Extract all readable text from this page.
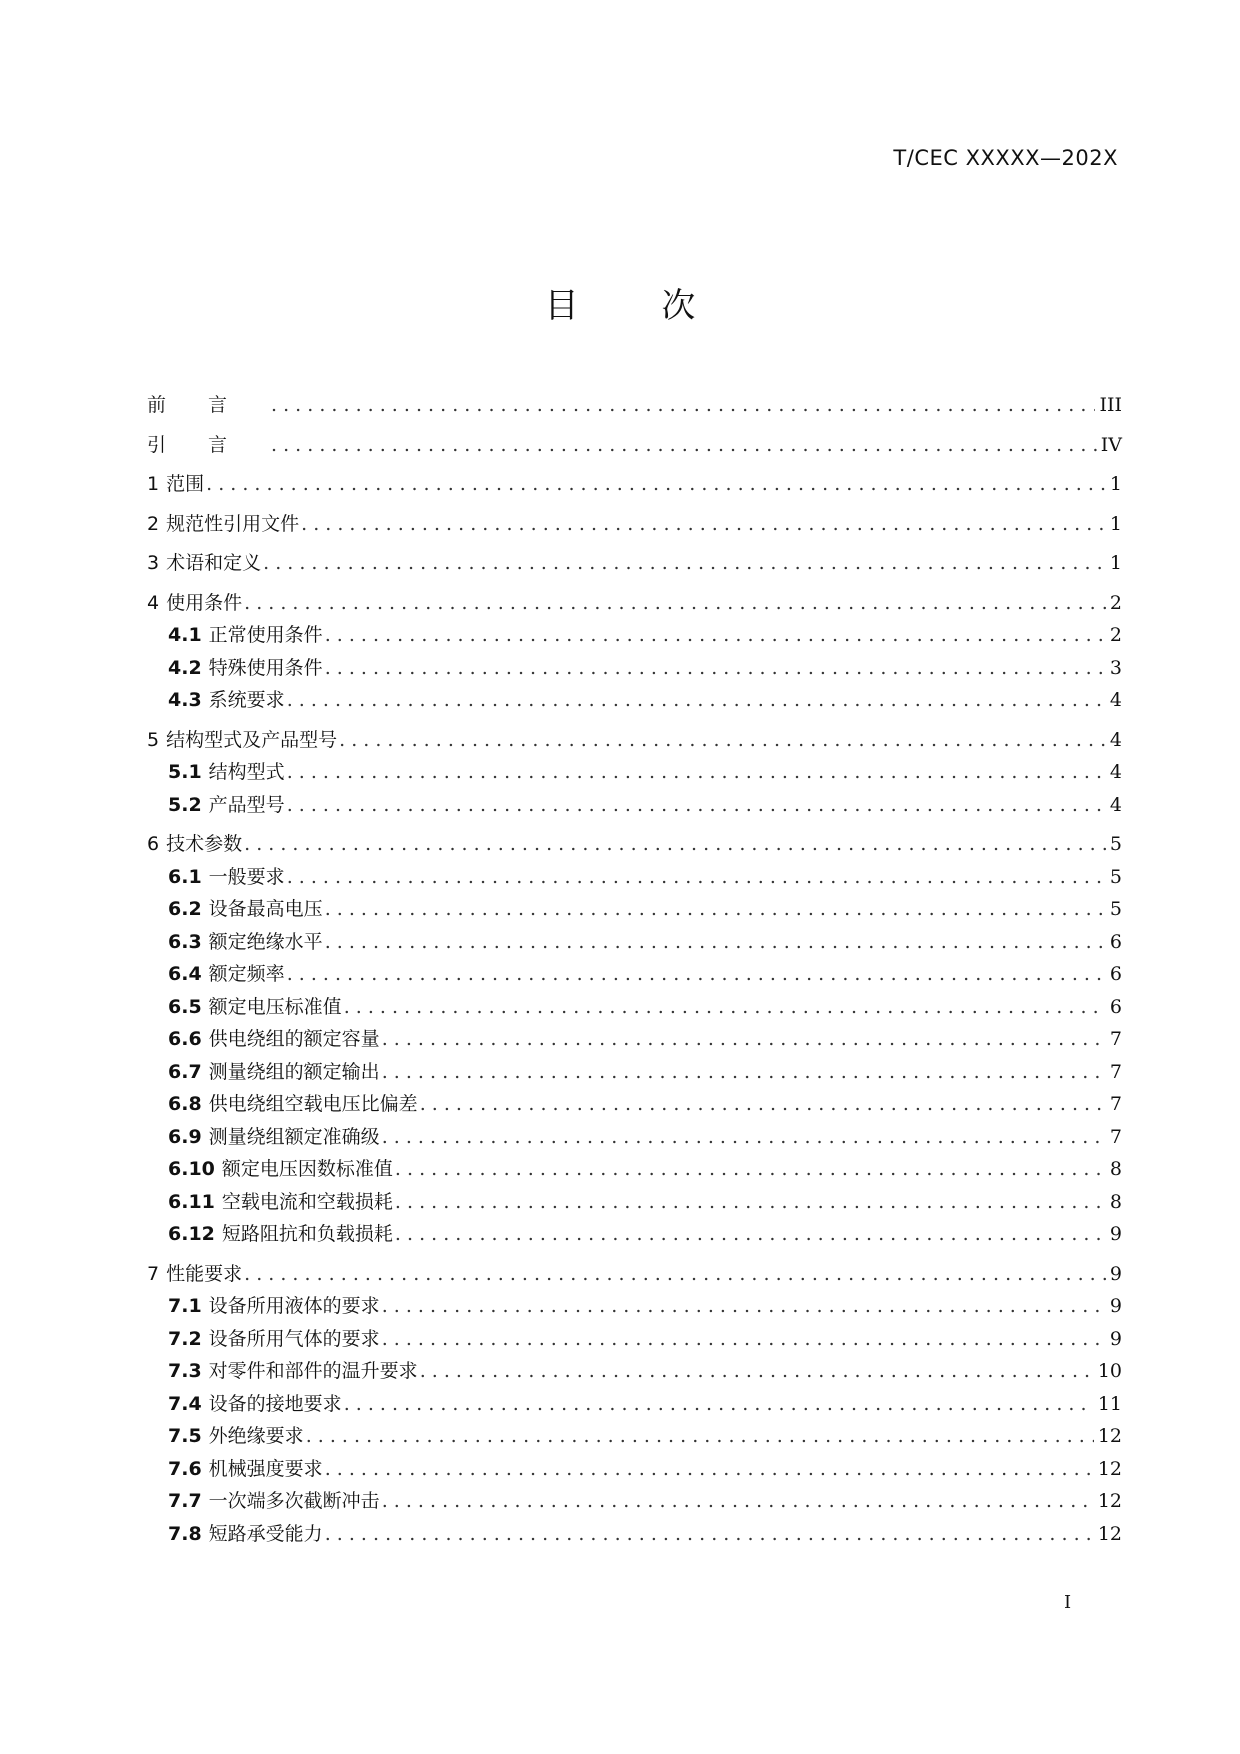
T/CEC XXXXX—202X
目 次
前言 . . .	III
引言 . . .	IV
1 范围 . . .	1
2 规范性引用文件 . . .	1
3 术语和定义 . . .	1
4 使用条件 . . .	2
4.1 正常使用条件 . . .	2
4.2 特殊使用条件 . . .	3
4.3 系统要求 . . .	4
5 结构型式及产品型号 . . .	4
5.1 结构型式 . . .	4
5.2 产品型号 . . .	4
6 技术参数 . . .	5
6.1 一般要求 . . .	5
6.2 设备最高电压 . . .	5
6.3 额定绝缘水平 . . .	6
6.4 额定频率 . . .	6
6.5 额定电压标准值 . . .	6
6.6 供电绕组的额定容量 . . .	7
6.7 测量绕组的额定输出 . . .	7
6.8 供电绕组空载电压比偏差 . . .	7
6.9 测量绕组额定准确级 . . .	7
6.10 额定电压因数标准值 . . .	8
6.11 空载电流和空载损耗 . . .	8
6.12 短路阻抗和负载损耗 . . .	9
7 性能要求 . . .	9
7.1 设备所用液体的要求 . . .	9
7.2 设备所用气体的要求 . . .	9
7.3 对零件和部件的温升要求 . . .	10
7.4 设备的接地要求 . . .	11
7.5 外绝缘要求 . . .	12
7.6 机械强度要求 . . .	12
7.7 一次端多次截断冲击 . . .	12
7.8 短路承受能力 . . .	12
I
